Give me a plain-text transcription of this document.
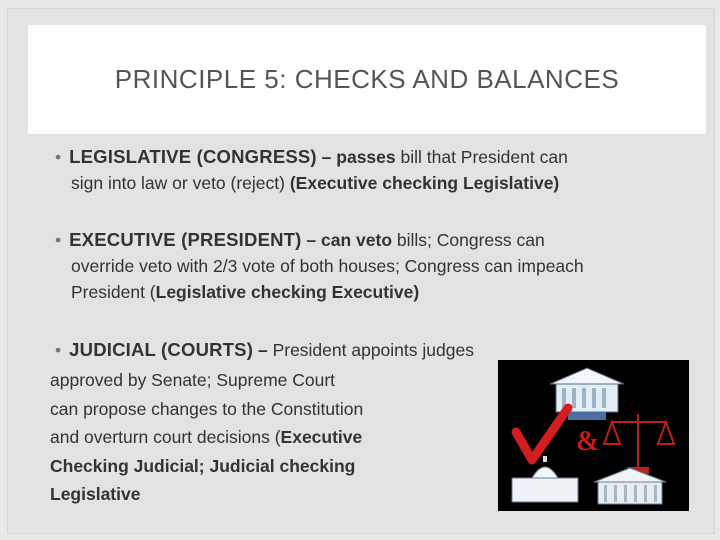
PRINCIPLE 5: CHECKS AND BALANCES
• LEGISLATIVE (CONGRESS) – passes bill that President can
sign into law or veto (reject) (Executive checking Legislative)
• EXECUTIVE (PRESIDENT) – can veto bills; Congress can
override veto with 2/3 vote of both houses; Congress can impeach
President (Legislative checking Executive)
• JUDICIAL (COURTS) – President appoints judges
approved by Senate; Supreme Court
can propose changes to the Constitution
and overturn court decisions (Executive
Checking Judicial; Judicial checking
Legislative
&
